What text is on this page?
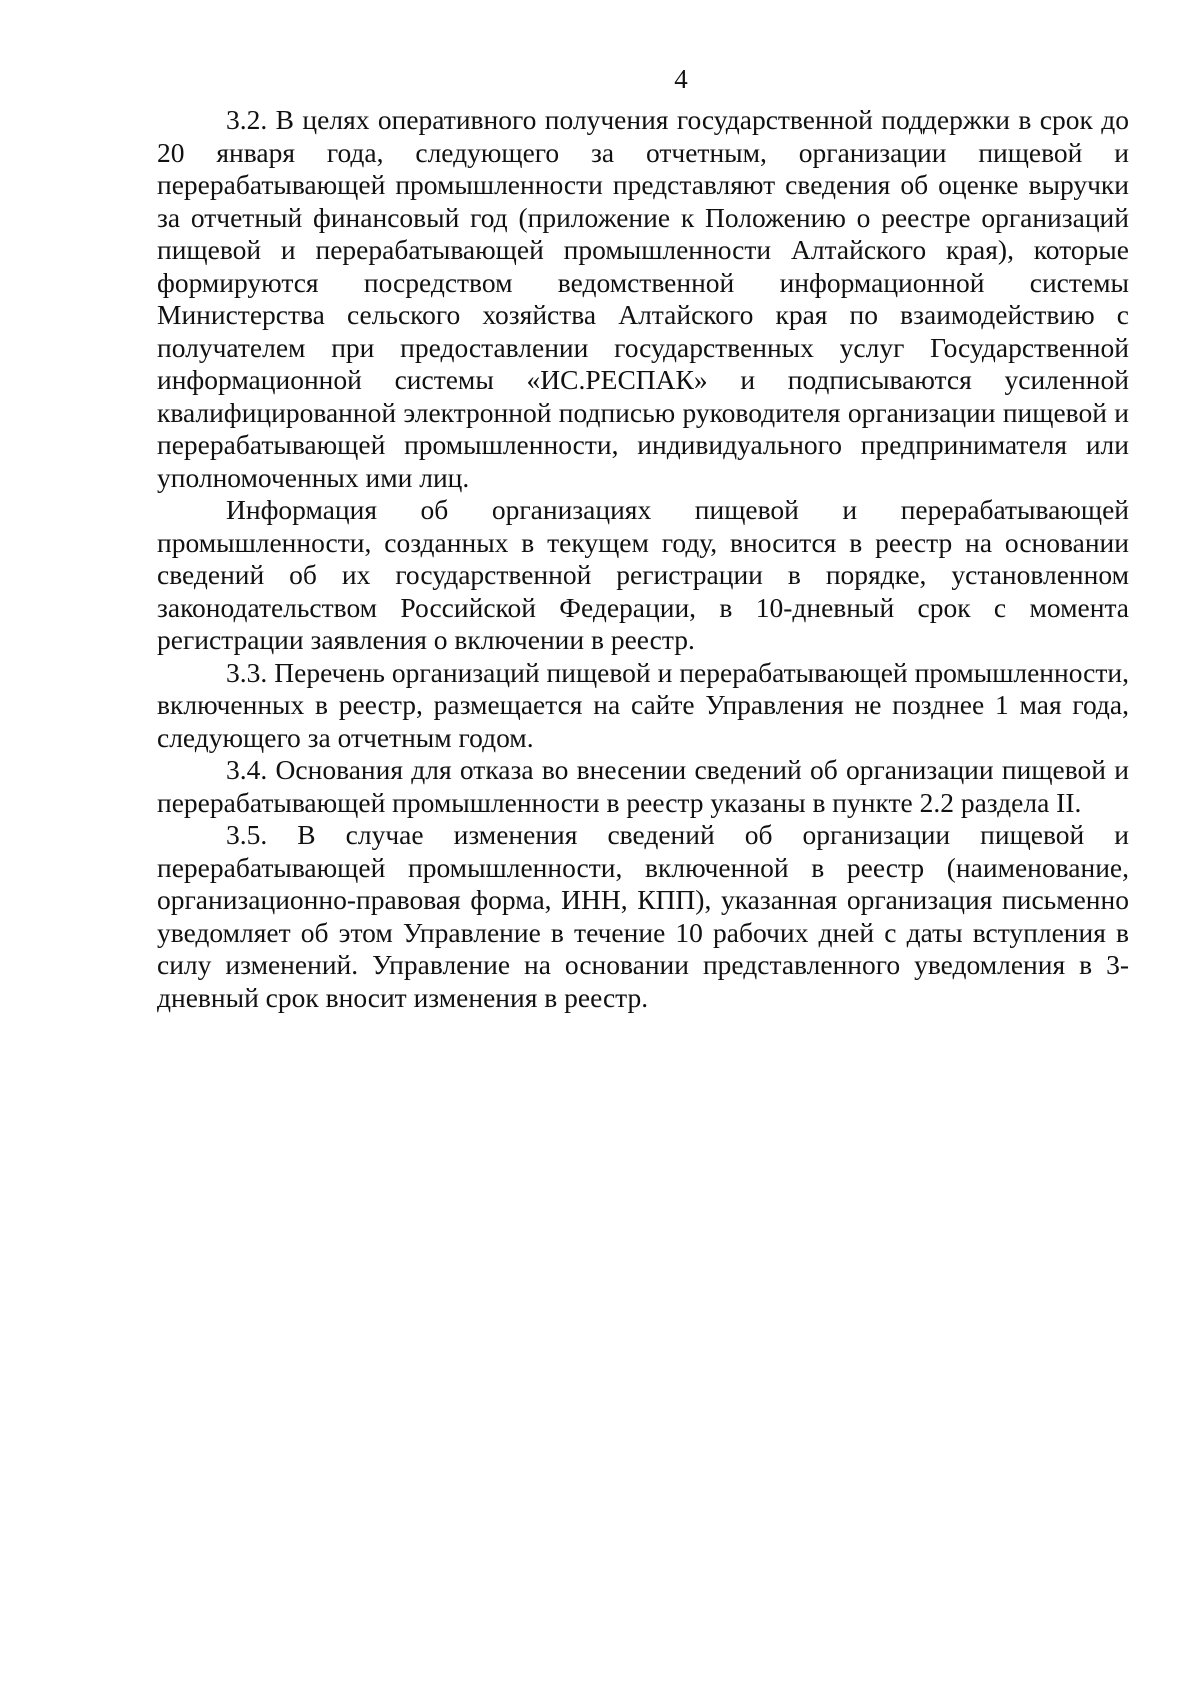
4

3.2. В целях оперативного получения государственной поддержки в срок до 20 января года, следующего за отчетным, организации пищевой и перерабатывающей промышленности представляют сведения об оценке выручки за отчетный финансовый год (приложение к Положению о реестре организаций пищевой и перерабатывающей промышленности Алтайского края), которые формируются посредством ведомственной информационной системы Министерства сельского хозяйства Алтайского края по взаимодействию с получателем при предоставлении государственных услуг Государственной информационной системы «ИС.РЕСПАК» и подписываются усиленной квалифицированной электронной подписью руководителя организации пищевой и перерабатывающей промышленности, индивидуального предпринимателя или уполномоченных ими лиц.

Информация об организациях пищевой и перерабатывающей промышленности, созданных в текущем году, вносится в реестр на основании сведений об их государственной регистрации в порядке, установленном законодательством Российской Федерации, в 10-дневный срок с момента регистрации заявления о включении в реестр.

3.3. Перечень организаций пищевой и перерабатывающей промышленности, включенных в реестр, размещается на сайте Управления не позднее 1 мая года, следующего за отчетным годом.

3.4. Основания для отказа во внесении сведений об организации пищевой и перерабатывающей промышленности в реестр указаны в пункте 2.2 раздела II.

3.5. В случае изменения сведений об организации пищевой и перерабатывающей промышленности, включенной в реестр (наименование, организационно-правовая форма, ИНН, КПП), указанная организация письменно уведомляет об этом Управление в течение 10 рабочих дней с даты вступления в силу изменений. Управление на основании представленного уведомления в 3-дневный срок вносит изменения в реестр.
